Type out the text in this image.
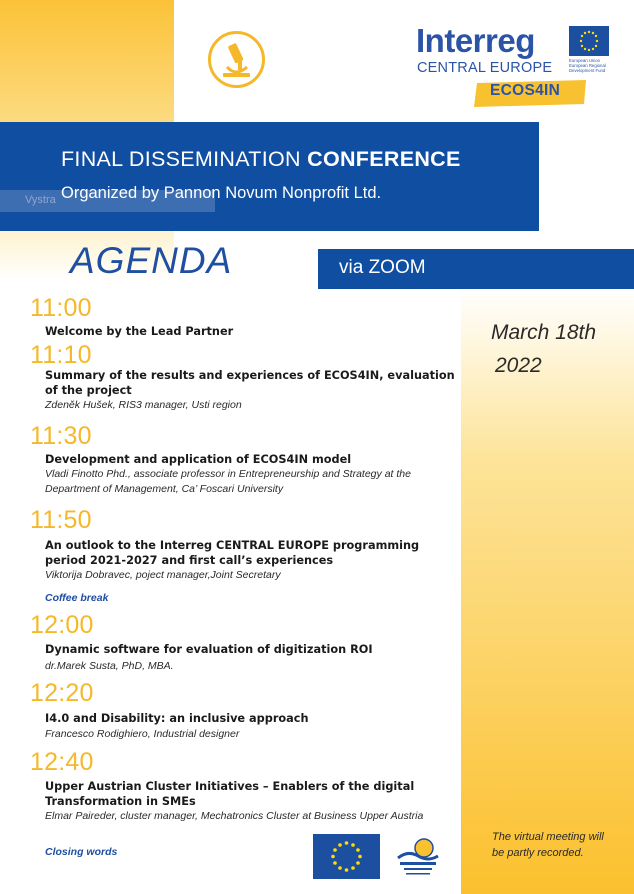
Interreg
CENTRAL EUROPE	European Union
European Regional
Development Fund
ECOS4IN
Vystra
FINAL DISSEMINATION CONFERENCE
Organized by Pannon Novum Nonprofit Ltd.
AGENDA	via ZOOM
March 18th
2022
11:00
Welcome by the Lead Partner
11:10
Summary of the results and experiences of ECOS4IN, evaluation of the project
Zdeněk Hušek, RIS3 manager, Usti region
11:30
Development and application of ECOS4IN model
Vladi Finotto Phd., associate professor in Entrepreneurship and Strategy at the Department of Management, Ca’ Foscari University
11:50
An outlook to the Interreg CENTRAL EUROPE programming period 2021-2027 and first call’s experiences
Viktorija Dobravec, poject manager,Joint Secretary
Coffee break
12:00
Dynamic software for evaluation of digitization ROI
dr.Marek Susta, PhD, MBA.
12:20
I4.0 and Disability: an inclusive approach
Francesco Rodighiero, Industrial designer
12:40
Upper Austrian Cluster Initiatives – Enablers of the digital Transformation in SMEs
Elmar Paireder, cluster manager, Mechatronics Cluster at Business Upper Austria
Closing words
The virtual meeting will be partly recorded.
